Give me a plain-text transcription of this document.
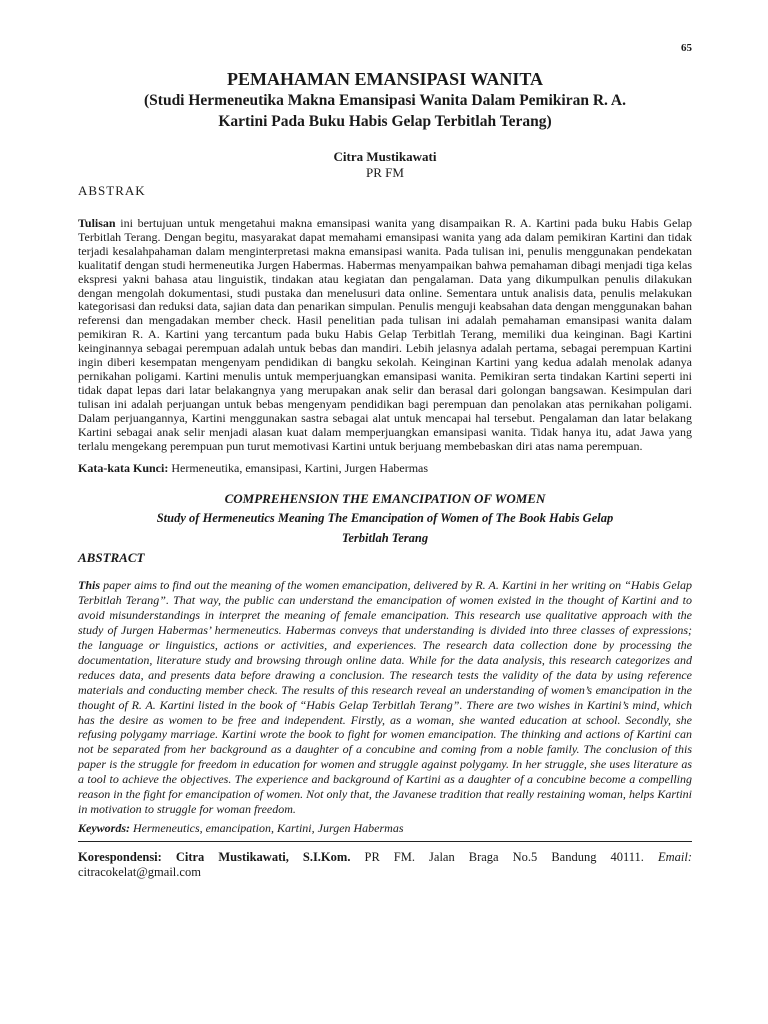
65
PEMAHAMAN EMANSIPASI WANITA
(Studi Hermeneutika Makna Emansipasi Wanita Dalam Pemikiran R. A.
Kartini Pada Buku Habis Gelap Terbitlah Terang)
Citra Mustikawati
PR FM
ABSTRAK
Tulisan ini bertujuan untuk mengetahui makna emansipasi wanita yang disampaikan R. A. Kartini pada buku Habis Gelap Terbitlah Terang. Dengan begitu, masyarakat dapat memahami emansipasi wanita yang ada dalam pemikiran Kartini dan tidak terjadi kesalahpahaman dalam menginterpretasi makna emansipasi wanita. Pada tulisan ini, penulis menggunakan pendekatan kualitatif dengan studi hermeneutika Jurgen Habermas. Habermas menyampaikan bahwa pemahaman dibagi menjadi tiga kelas ekspresi yakni bahasa atau linguistik, tindakan atau kegiatan dan pengalaman. Data yang dikumpulkan penulis dilakukan dengan mengolah dokumentasi, studi pustaka dan menelusuri data online. Sementara untuk analisis data, penulis melakukan kategorisasi dan reduksi data, sajian data dan penarikan simpulan. Penulis menguji keabsahan data dengan menggunakan bahan referensi dan mengadakan member check. Hasil penelitian pada tulisan ini adalah pemahaman emansipasi wanita dalam pemikiran R. A. Kartini yang tercantum pada buku Habis Gelap Terbitlah Terang, memiliki dua keinginan. Bagi Kartini keinginannya sebagai perempuan adalah untuk bebas dan mandiri. Lebih jelasnya adalah pertama, sebagai perempuan Kartini ingin diberi kesempatan mengenyam pendidikan di bangku sekolah. Keinginan Kartini yang kedua adalah menolak adanya pernikahan poligami. Kartini menulis untuk memperjuangkan emansipasi wanita. Pemikiran serta tindakan Kartini seperti ini tidak dapat lepas dari latar belakangnya yang merupakan anak selir dan berasal dari golongan bangsawan. Kesimpulan dari tulisan ini adalah perjuangan untuk bebas mengenyam pendidikan bagi perempuan dan penolakan atas pernikahan poligami. Dalam perjuangannya, Kartini menggunakan sastra sebagai alat untuk mencapai hal tersebut. Pengalaman dan latar belakang Kartini sebagai anak selir menjadi alasan kuat dalam memperjuangkan emansipasi wanita. Tidak hanya itu, adat Jawa yang terlalu mengekang perempuan pun turut memotivasi Kartini untuk berjuang membebaskan diri atas nama perempuan.
Kata-kata Kunci: Hermeneutika, emansipasi, Kartini, Jurgen Habermas
COMPREHENSION THE EMANCIPATION OF WOMEN
Study of Hermeneutics Meaning The Emancipation of Women of The Book Habis Gelap
Terbitlah Terang
ABSTRACT
This paper aims to find out the meaning of the women emancipation, delivered by R. A. Kartini in her writing on “Habis Gelap Terbitlah Terang”. That way, the public can understand the emancipation of women existed in the thought of Kartini and to avoid misunderstandings in interpret the meaning of female emancipation. This research use qualitative approach with the study of Jurgen Habermas’ hermeneutics. Habermas conveys that understanding is divided into three classes of expressions; the language or linguistics, actions or activities, and experiences. The research data collection done by processing the documentation, literature study and browsing through online data. While for the data analysis, this research categorizes and reduces data, and presents data before drawing a conclusion. The research tests the validity of the data by using reference materials and conducting member check. The results of this research reveal an understanding of women’s emancipation in the thought of R. A. Kartini listed in the book of “Habis Gelap Terbitlah Terang”. There are two wishes in Kartini’s mind, which has the desire as women to be free and independent. Firstly, as a woman, she wanted education at school. Secondly, she refusing polygamy marriage. Kartini wrote the book to fight for women emancipation. The thinking and actions of Kartini can not be separated from her background as a daughter of a concubine and coming from a noble family. The conclusion of this paper is the struggle for freedom in education for women and struggle against polygamy. In her struggle, she uses literature as a tool to achieve the objectives. The experience and background of Kartini as a daughter of a concubine become a compelling reason in the fight for emancipation of women. Not only that, the Javanese tradition that really restaining woman, helps Kartini in motivation to struggle for woman freedom.
Keywords: Hermeneutics, emancipation, Kartini, Jurgen Habermas
Korespondensi: Citra Mustikawati, S.I.Kom. PR FM. Jalan Braga No.5 Bandung 40111. Email: citracokelat@gmail.com
